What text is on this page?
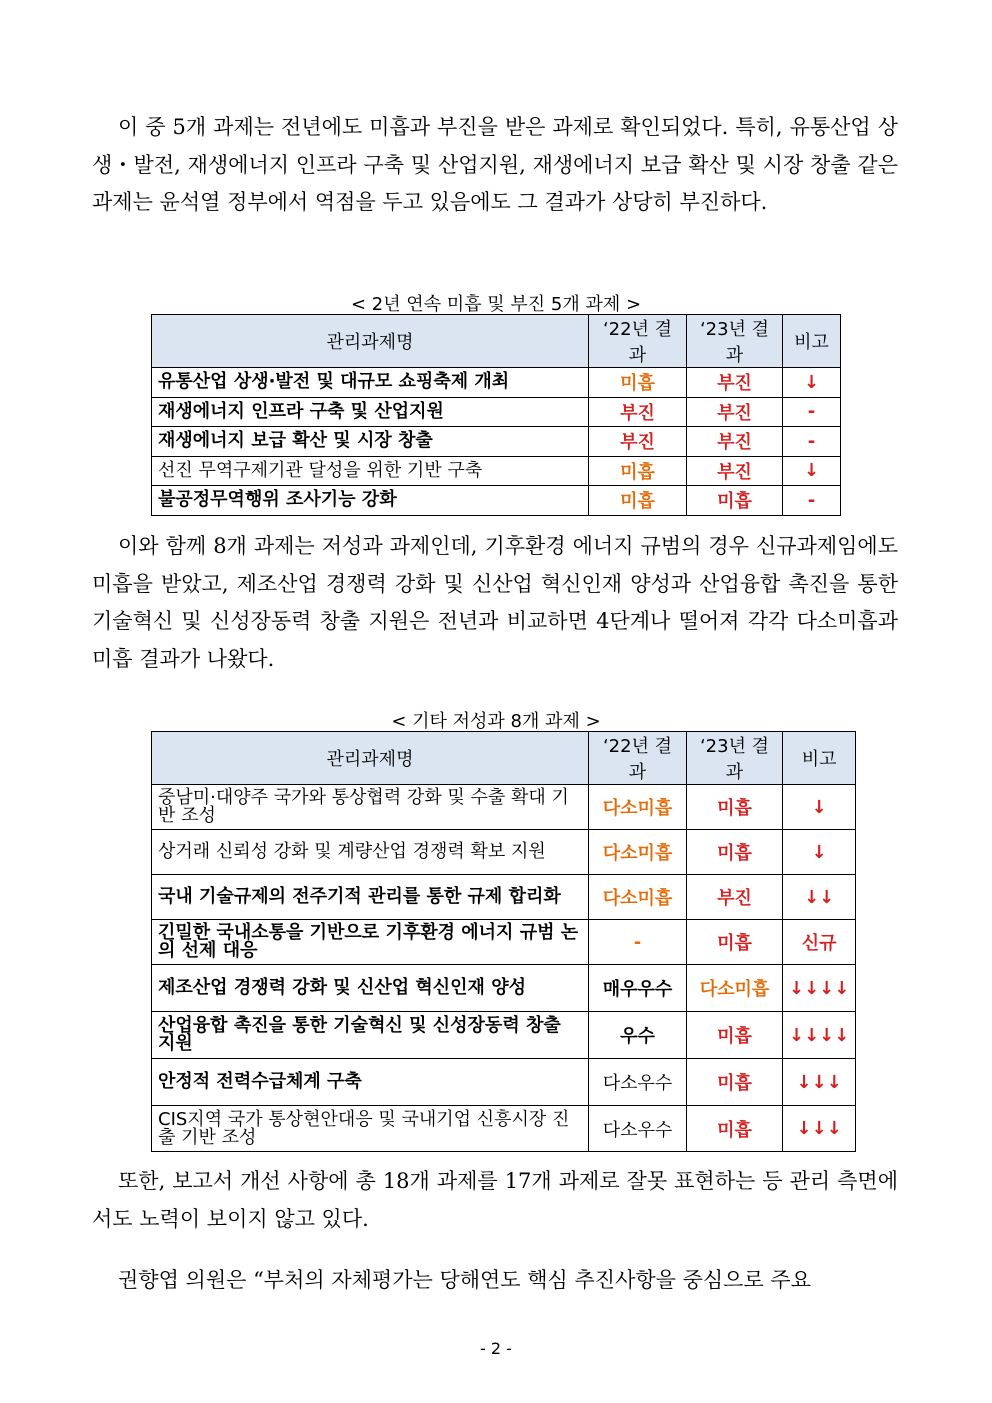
이 중 5개 과제는 전년에도 미흡과 부진을 받은 과제로 확인되었다. 특히, 유통산업 상생・발전, 재생에너지 인프라 구축 및 산업지원, 재생에너지 보급 확산 및 시장 창출 같은 과제는 윤석열 정부에서 역점을 두고 있음에도 그 결과가 상당히 부진하다.

< 2년 연속 미흡 및 부진 5개 과제 >

관리과제명	‘22년 결과	‘23년 결과	비고
유통산업 상생·발전 및 대규모 쇼핑축제 개최	미흡	부진	↓
재생에너지 인프라 구축 및 산업지원	부진	부진	-
재생에너지 보급 확산 및 시장 창출	부진	부진	-
선진 무역구제기관 달성을 위한 기반 구축	미흡	부진	↓
불공정무역행위 조사기능 강화	미흡	미흡	-

이와 함께 8개 과제는 저성과 과제인데, 기후환경 에너지 규범의 경우 신규과제임에도 미흡을 받았고, 제조산업 경쟁력 강화 및 신산업 혁신인재 양성과 산업융합 촉진을 통한 기술혁신 및 신성장동력 창출 지원은 전년과 비교하면 4단계나 떨어져 각각 다소미흡과 미흡 결과가 나왔다.

< 기타 저성과 8개 과제 >

관리과제명	‘22년 결과	‘23년 결과	비고
중남미·대양주 국가와 통상협력 강화 및 수출 확대 기반 조성	다소미흡	미흡	↓
상거래 신뢰성 강화 및 계량산업 경쟁력 확보 지원	다소미흡	미흡	↓
국내 기술규제의 전주기적 관리를 통한 규제 합리화	다소미흡	부진	↓↓
긴밀한 국내소통을 기반으로 기후환경 에너지 규범 논의 선제 대응	-	미흡	신규
제조산업 경쟁력 강화 및 신산업 혁신인재 양성	매우우수	다소미흡	↓↓↓↓
산업융합 촉진을 통한 기술혁신 및 신성장동력 창출 지원	우수	미흡	↓↓↓↓
안정적 전력수급체계 구축	다소우수	미흡	↓↓↓
CIS지역 국가 통상현안대응 및 국내기업 신흥시장 진출 기반 조성	다소우수	미흡	↓↓↓

또한, 보고서 개선 사항에 총 18개 과제를 17개 과제로 잘못 표현하는 등 관리 측면에서도 노력이 보이지 않고 있다.

권향엽 의원은 “부처의 자체평가는 당해연도 핵심 추진사항을 중심으로 주요

- 2 -
